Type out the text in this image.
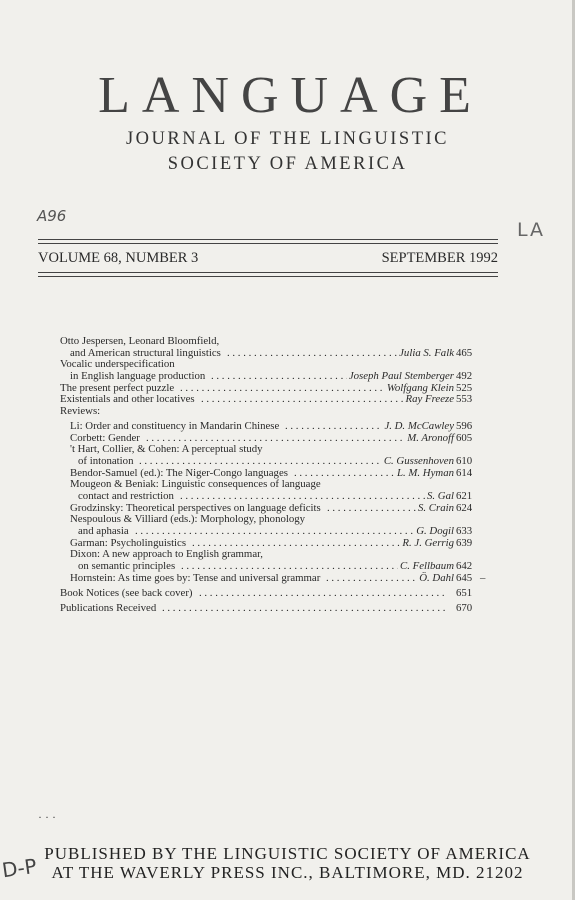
LANGUAGE
JOURNAL OF THE LINGUISTIC
SOCIETY OF AMERICA
A96
LA
VOLUME 68, NUMBER 3	SEPTEMBER 1992
Otto Jespersen, Leonard Bloomfield,
and American structural linguistics . . .	Julia S. Falk 465
Vocalic underspecification
in English language production . . .	Joseph Paul Stemberger 492
The present perfect puzzle . . .	Wolfgang Klein 525
Existentials and other locatives . . .	Ray Freeze 553
Reviews:
Li: Order and constituency in Mandarin Chinese . . .	J. D. McCawley 596
Corbett: Gender . . .	M. Aronoff 605
't Hart, Collier, & Cohen: A perceptual study
of intonation . . .	C. Gussenhoven 610
Bendor-Samuel (ed.): The Niger-Congo languages . . .	L. M. Hyman 614
Mougeon & Beniak: Linguistic consequences of language
contact and restriction . . .	S. Gal 621
Grodzinsky: Theoretical perspectives on language deficits . . .	S. Crain 624
Nespoulous & Villiard (eds.): Morphology, phonology
and aphasia . . .	G. Dogil 633
Garman: Psycholinguistics . . .	R. J. Gerrig 639
Dixon: A new approach to English grammar,
on semantic principles . . .	C. Fellbaum 642
Hornstein: As time goes by: Tense and universal grammar . . .	Ö. Dahl 645 –
Book Notices (see back cover) . . .	651
Publications Received . . .	670
· · ·
D-P
PUBLISHED BY THE LINGUISTIC SOCIETY OF AMERICA
AT THE WAVERLY PRESS INC., BALTIMORE, MD. 21202
